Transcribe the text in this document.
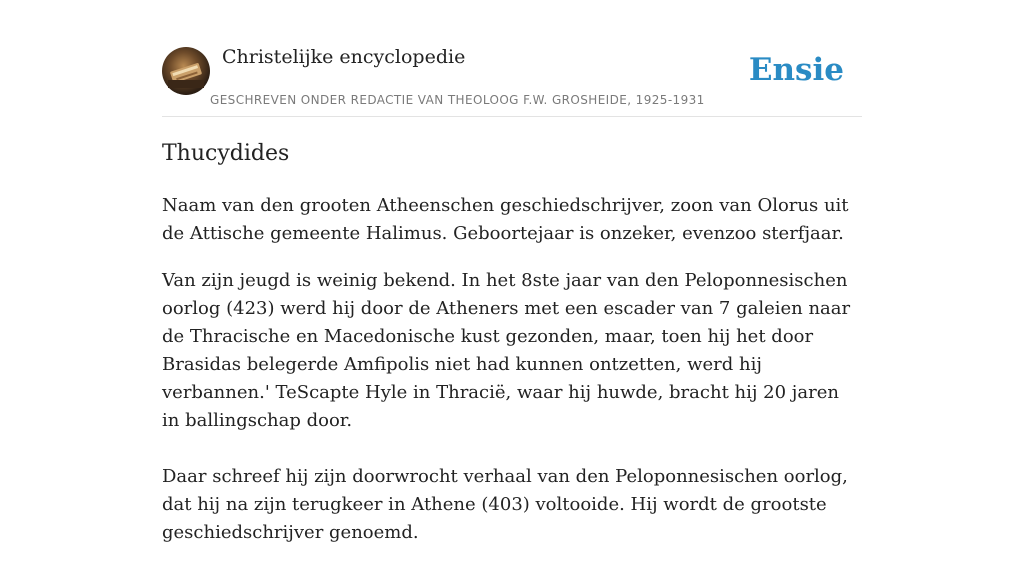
Christelijke encyclopedie
GESCHREVEN ONDER REDACTIE VAN THEOLOOG F.W. GROSHEIDE, 1925-1931
Ensie
Thucydides

Naam van den grooten Atheenschen geschiedschrijver, zoon van Olorus uit de Attische gemeente Halimus. Geboortejaar is onzeker, evenzoo sterfjaar.

Van zijn jeugd is weinig bekend. In het 8ste jaar van den Peloponnesischen oorlog (423) werd hij door de Atheners met een escader van 7 galeien naar de Thracische en Macedonische kust gezonden, maar, toen hij het door Brasidas belegerde Amfipolis niet had kunnen ontzetten, werd hij verbannen.' TeScapte Hyle in Thracië, waar hij huwde, bracht hij 20 jaren in ballingschap door.

Daar schreef hij zijn doorwrocht verhaal van den Peloponnesischen oorlog, dat hij na zijn terugkeer in Athene (403) voltooide. Hij wordt de grootste geschiedschrijver genoemd.
